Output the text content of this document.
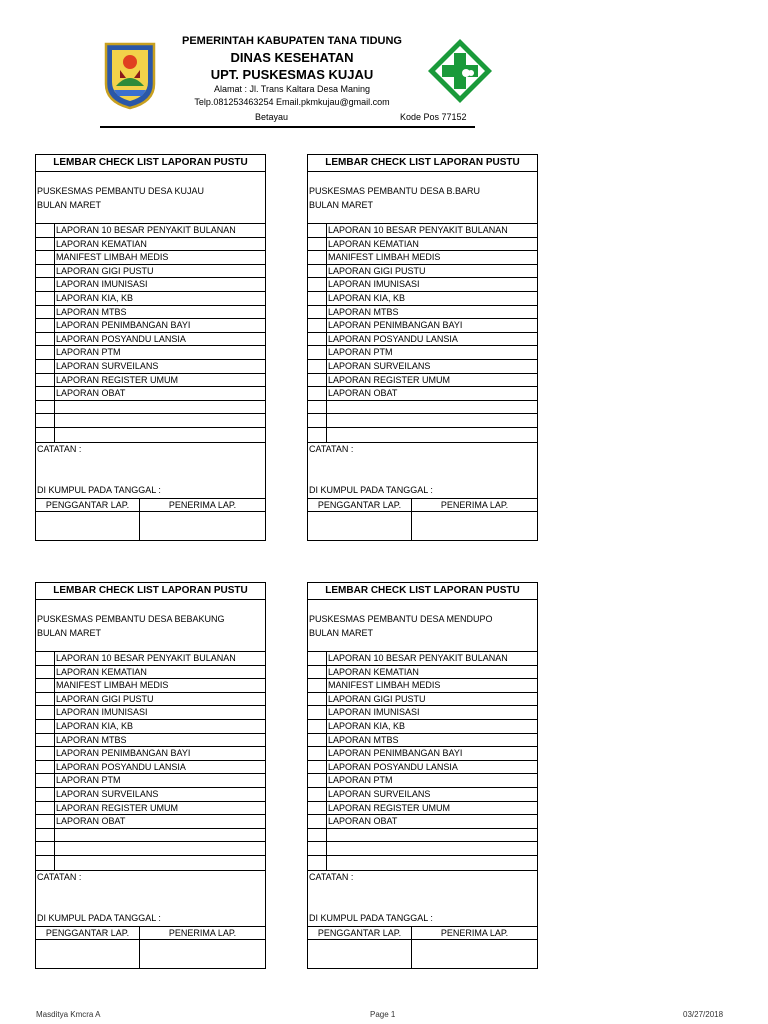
PEMERINTAH KABUPATEN TANA TIDUNG
DINAS KESEHATAN
UPT. PUSKESMAS KUJAU
Alamat : Jl. Trans Kaltara Desa Maning
Telp.081253463254 Email.pkmkujau@gmail.com
Betayau	Kode Pos 77152
LEMBAR CHECK LIST LAPORAN PUSTU
PUSKESMAS PEMBANTU DESA KUJAU
BULAN MARET
LAPORAN 10 BESAR PENYAKIT BULANAN
LAPORAN KEMATIAN
MANIFEST LIMBAH MEDIS
LAPORAN GIGI PUSTU
LAPORAN IMUNISASI
LAPORAN KIA, KB
LAPORAN MTBS
LAPORAN PENIMBANGAN BAYI
LAPORAN POSYANDU LANSIA
LAPORAN PTM
LAPORAN SURVEILANS
LAPORAN REGISTER UMUM
LAPORAN OBAT
CATATAN :
DI KUMPUL PADA TANGGAL :
PENGGANTAR LAP.	PENERIMA LAP.
LEMBAR CHECK LIST LAPORAN PUSTU
PUSKESMAS PEMBANTU DESA B.BARU
BULAN MARET
LAPORAN 10 BESAR PENYAKIT BULANAN
LAPORAN KEMATIAN
MANIFEST LIMBAH MEDIS
LAPORAN GIGI PUSTU
LAPORAN IMUNISASI
LAPORAN KIA, KB
LAPORAN MTBS
LAPORAN PENIMBANGAN BAYI
LAPORAN POSYANDU LANSIA
LAPORAN PTM
LAPORAN SURVEILANS
LAPORAN REGISTER UMUM
LAPORAN OBAT
CATATAN :
DI KUMPUL PADA TANGGAL :
PENGGANTAR LAP.	PENERIMA LAP.
LEMBAR CHECK LIST LAPORAN PUSTU
PUSKESMAS PEMBANTU DESA BEBAKUNG
BULAN MARET
LAPORAN 10 BESAR PENYAKIT BULANAN
LAPORAN KEMATIAN
MANIFEST LIMBAH MEDIS
LAPORAN GIGI PUSTU
LAPORAN IMUNISASI
LAPORAN KIA, KB
LAPORAN MTBS
LAPORAN PENIMBANGAN BAYI
LAPORAN POSYANDU LANSIA
LAPORAN PTM
LAPORAN SURVEILANS
LAPORAN REGISTER UMUM
LAPORAN OBAT
CATATAN :
DI KUMPUL PADA TANGGAL :
PENGGANTAR LAP.	PENERIMA LAP.
LEMBAR CHECK LIST LAPORAN PUSTU
PUSKESMAS PEMBANTU DESA MENDUPO
BULAN MARET
LAPORAN 10 BESAR PENYAKIT BULANAN
LAPORAN KEMATIAN
MANIFEST LIMBAH MEDIS
LAPORAN GIGI PUSTU
LAPORAN IMUNISASI
LAPORAN KIA, KB
LAPORAN MTBS
LAPORAN PENIMBANGAN BAYI
LAPORAN POSYANDU LANSIA
LAPORAN PTM
LAPORAN SURVEILANS
LAPORAN REGISTER UMUM
LAPORAN OBAT
CATATAN :
DI KUMPUL PADA TANGGAL :
PENGGANTAR LAP.	PENERIMA LAP.
Masditya Kmcra A	Page 1	03/27/2018
